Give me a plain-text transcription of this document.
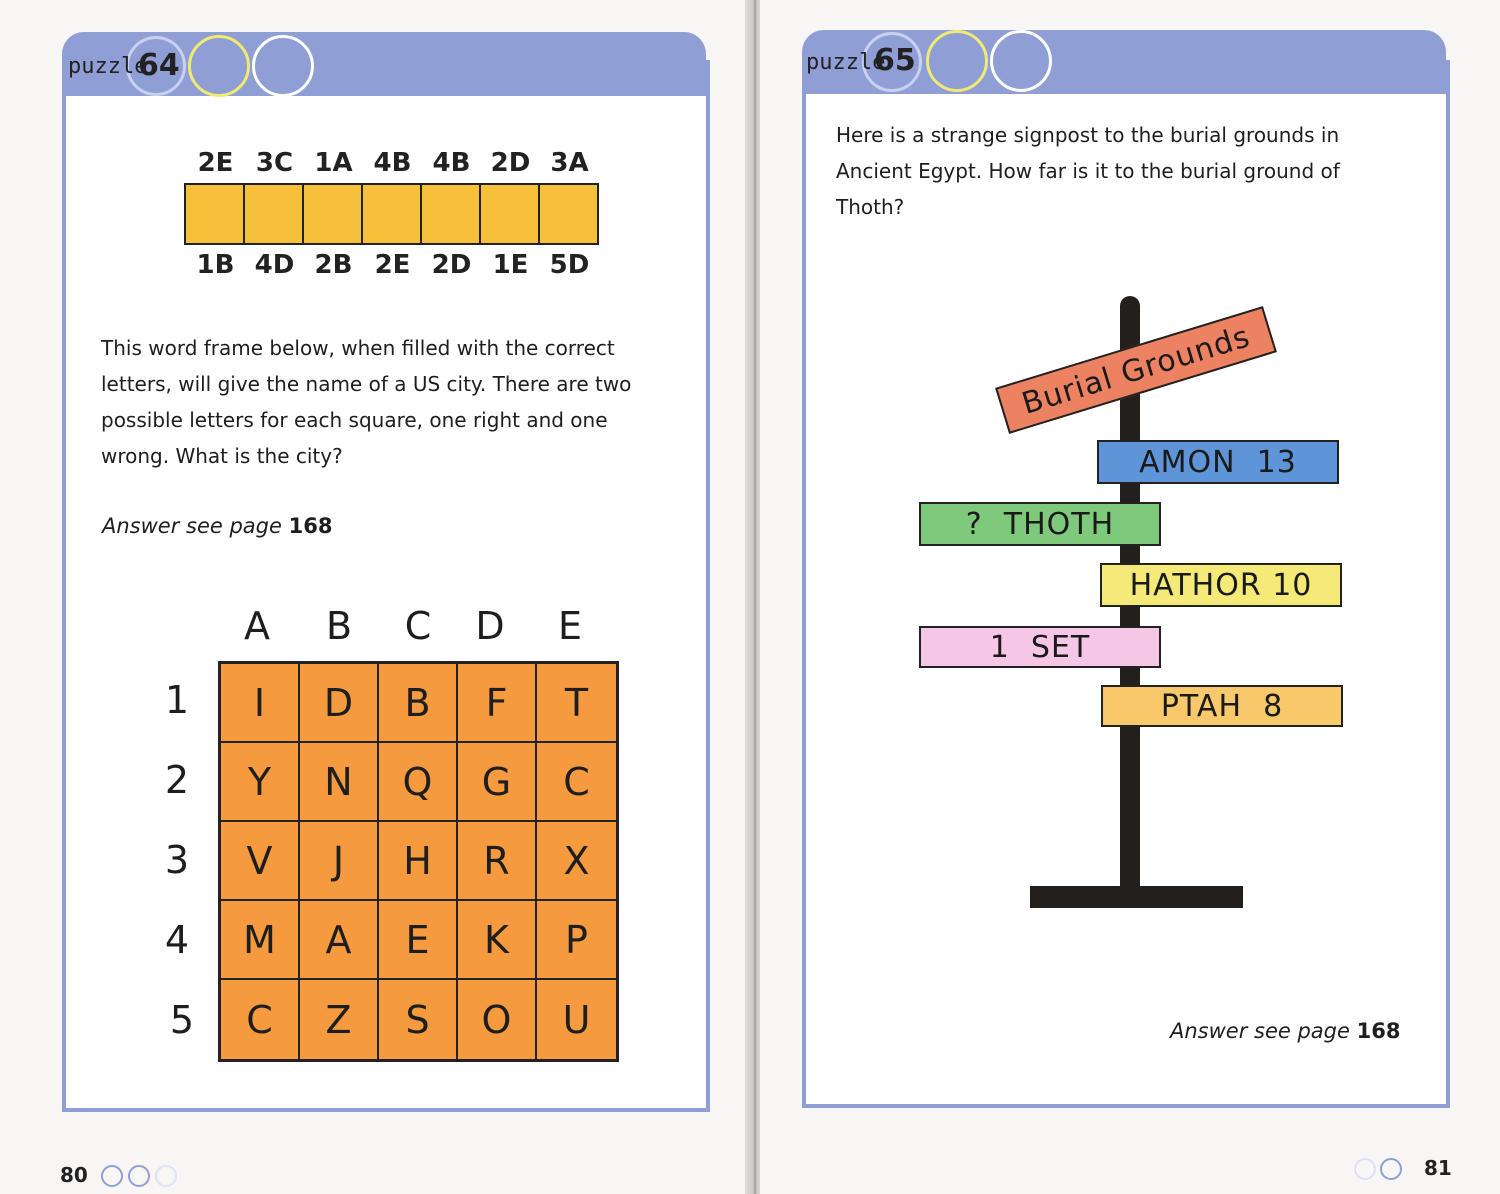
puzzle
64
2E 3C 1A 4B 4B 2D 3A
1B 4D 2B 2E 2D 1E 5D

This word frame below, when filled with the correct letters, will give the name of a US city. There are two possible letters for each square, one right and one wrong. What is the city?

Answer see page 168
A	B	C	D	E
1
2
3
4
5
I	D	B	F	T
Y	N	Q	G	C
V	J	H	R	X
M	A	E	K	P
C	Z	S	O	U
80
puzzle
65

Here is a strange signpost to the burial grounds in Ancient Egypt. How far is it to the burial ground of Thoth?

Burial Grounds
AMON  13
?  THOTH
HATHOR 10
1  SET
PTAH  8
Answer see page 168
81
